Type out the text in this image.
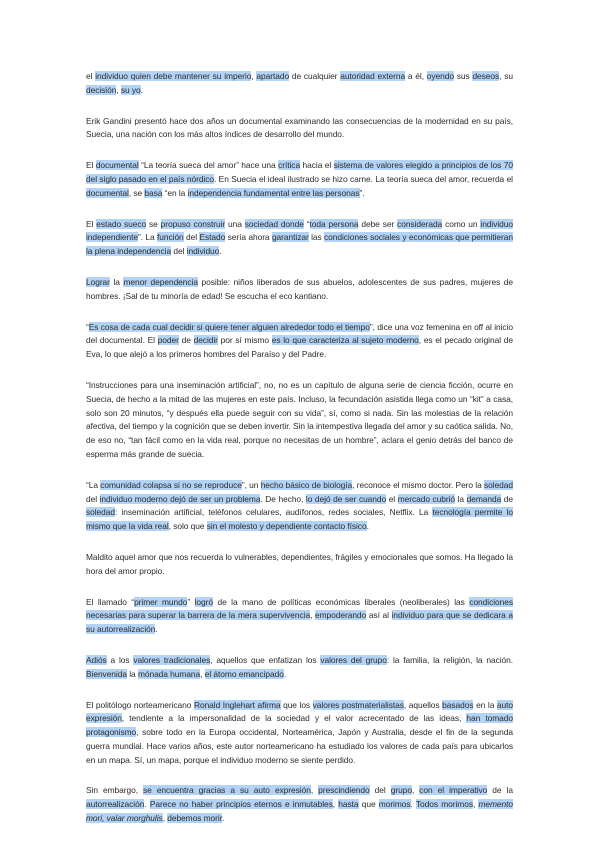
el individuo quien debe mantener su imperio, apartado de cualquier autoridad externa a él, oyendo sus deseos, su decisión, su yo.

Erik Gandini presentó hace dos años un documental examinando las consecuencias de la modernidad en su país, Suecia, una nación con los más altos índices de desarrollo del mundo.

El documental “La teoría sueca del amor” hace una crítica hacia el sistema de valores elegido a principios de los 70 del siglo pasado en el país nórdico. En Suecia el ideal ilustrado se hizo carne. La teoría sueca del amor, recuerda el documental, se basa “en la independencia fundamental entre las personas”.

El estado sueco se propuso construir una sociedad donde “toda persona debe ser considerada como un individuo independiente”. La función del Estado sería ahora garantizar las condiciones sociales y económicas que permitieran la plena independencia del individuo.

Lograr la menor dependencia posible: niños liberados de sus abuelos, adolescentes de sus padres, mujeres de hombres. ¡Sal de tu minoría de edad! Se escucha el eco kantiano.

“Es cosa de cada cual decidir si quiere tener alguien alrededor todo el tiempo”, dice una voz femenina en off al inicio del documental. El poder de decidir por sí mismo es lo que caracteriza al sujeto moderno, es el pecado original de Eva, lo que alejó a los primeros hombres del Paraíso y del Padre.

“Instrucciones para una inseminación artificial”, no, no es un capítulo de alguna serie de ciencia ficción, ocurre en Suecia, de hecho a la mitad de las mujeres en este país. Incluso, la fecundación asistida llega como un “kit” a casa, solo son 20 minutos, “y después ella puede seguir con su vida”, sí, como si nada. Sin las molestias de la relación afectiva, del tiempo y la cognición que se deben invertir. Sin la intempestiva llegada del amor y su caótica salida. No, de eso no, “tan fácil como en la vida real, porque no necesitas de un hombre”, aclara el genio detrás del banco de esperma más grande de suecia.

“La comunidad colapsa si no se reproduce”, un hecho básico de biología, reconoce el mismo doctor. Pero la soledad del individuo moderno dejó de ser un problema. De hecho, lo dejó de ser cuando el mercado cubrió la demanda de soledad: inseminación artificial, teléfonos celulares, audífonos, redes sociales, Netflix. La tecnología permite lo mismo que la vida real, solo que sin el molesto y dependiente contacto físico.

Maldito aquel amor que nos recuerda lo vulnerables, dependientes, frágiles y emocionales que somos. Ha llegado la hora del amor propio.

El llamado “primer mundo” logró de la mano de políticas económicas liberales (neoliberales) las condiciones necesarias para superar la barrera de la mera supervivencia, empoderando así al individuo para que se dedicara a su autorrealización.

Adiós a los valores tradicionales, aquellos que enfatizan los valores del grupo: la familia, la religión, la nación. Bienvenida la mónada humana, el átomo emancipado.

El politólogo norteamericano Ronald Inglehart afirma que los valores postmaterialistas, aquellos basados en la auto expresión, tendiente a la impersonalidad de la sociedad y el valor acrecentado de las ideas, han tomado protagonismo, sobre todo en la Europa occidental, Norteamérica, Japón y Australia, desde el fin de la segunda guerra mundial. Hace varios años, este autor norteamericano ha estudiado los valores de cada país para ubicarlos en un mapa. Sí, un mapa, porque el individuo moderno se siente perdido.

Sin embargo, se encuentra gracias a su auto expresión, prescindiendo del grupo, con el imperativo de la autorrealización. Parece no haber principios eternos e inmutables, hasta que morimos. Todos morimos, memento mori, valar morghulis, debemos morir.
